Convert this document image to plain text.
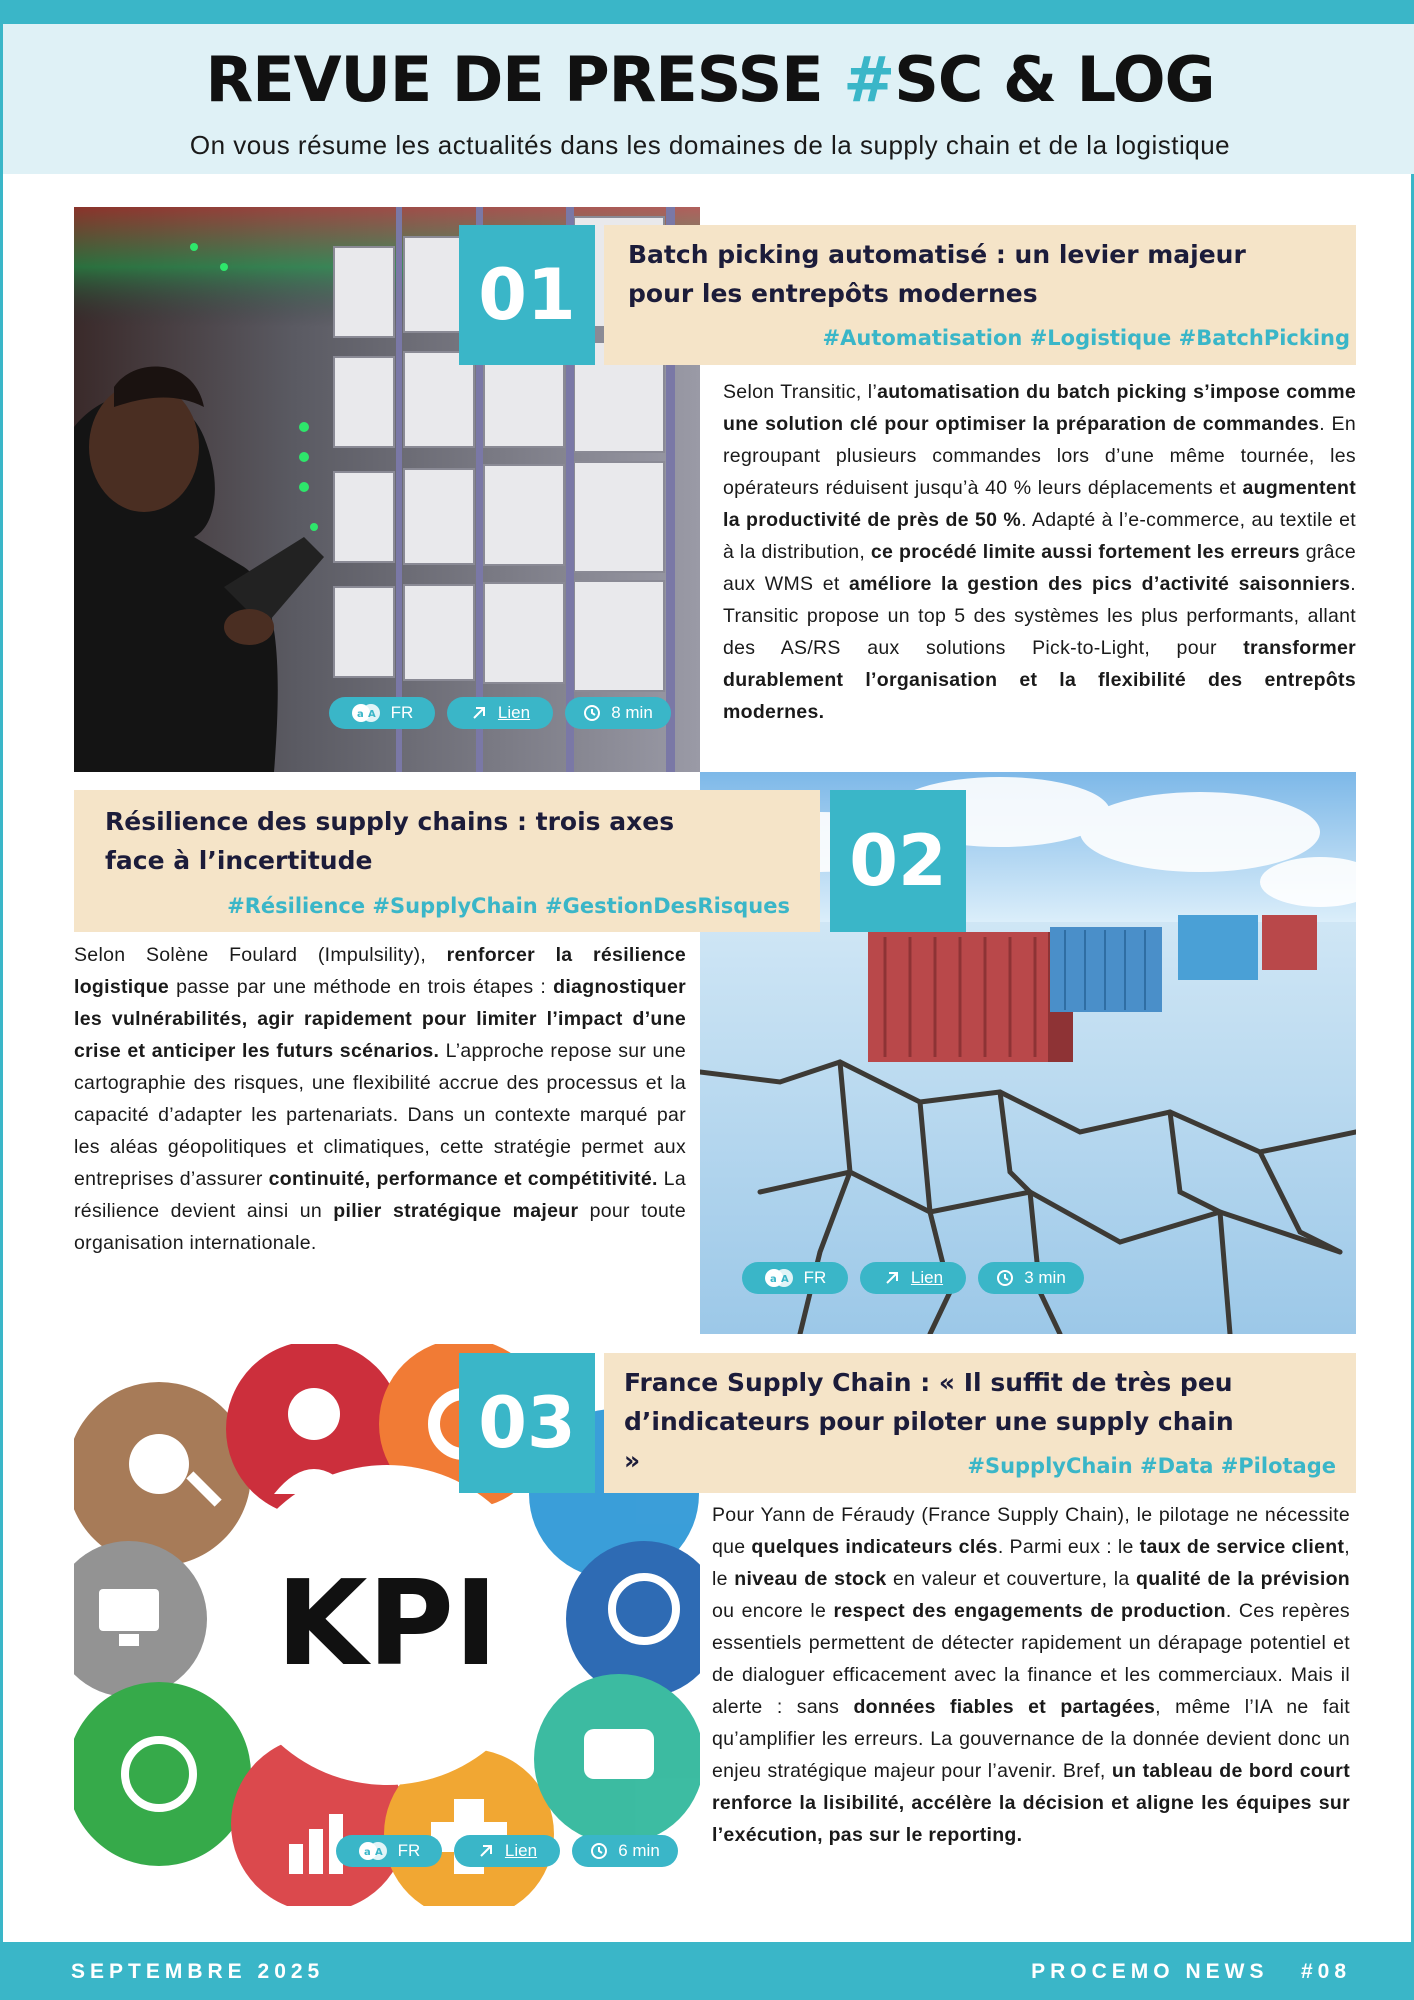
REVUE DE PRESSE #SC & LOG
On vous résume les actualités dans les domaines de la supply chain et de la logistique
01	Batch picking automatisé : un levier majeur pour les entrepôts modernes
#Automatisation #Logistique #BatchPicking
Selon Transitic, l’automatisation du batch picking s’impose comme une solution clé pour optimiser la préparation de commandes. En regroupant plusieurs commandes lors d’une même tournée, les opérateurs réduisent jusqu’à 40 % leurs déplacements et augmentent la productivité de près de 50 %. Adapté à l’e-commerce, au textile et à la distribution, ce procédé limite aussi fortement les erreurs grâce aux WMS et améliore la gestion des pics d’activité saisonniers. Transitic propose un top 5 des systèmes les plus performants, allant des AS/RS aux solutions Pick-to-Light, pour transformer durablement l’organisation et la flexibilité des entrepôts modernes.
a A FR	Lien	8 min
Résilience des supply chains : trois axes face à l’incertitude
#Résilience #SupplyChain #GestionDesRisques
02
Selon Solène Foulard (Impulsility), renforcer la résilience logistique passe par une méthode en trois étapes : diagnostiquer les vulnérabilités, agir rapidement pour limiter l’impact d’une crise et anticiper les futurs scénarios. L’approche repose sur une cartographie des risques, une flexibilité accrue des processus et la capacité d’adapter les partenariats. Dans un contexte marqué par les aléas géopolitiques et climatiques, cette stratégie permet aux entreprises d’assurer continuité, performance et compétitivité. La résilience devient ainsi un pilier stratégique majeur pour toute organisation internationale.
a A FR	Lien	3 min
KPI
03	France Supply Chain : « Il suffit de très peu d’indicateurs pour piloter une supply chain »	#SupplyChain #Data #Pilotage
Pour Yann de Féraudy (France Supply Chain), le pilotage ne nécessite que quelques indicateurs clés. Parmi eux : le taux de service client, le niveau de stock en valeur et couverture, la qualité de la prévision ou encore le respect des engagements de production. Ces repères essentiels permettent de détecter rapidement un dérapage potentiel et de dialoguer efficacement avec la finance et les commerciaux. Mais il alerte : sans données fiables et partagées, même l’IA ne fait qu’amplifier les erreurs. La gouvernance de la donnée devient donc un enjeu stratégique majeur pour l’avenir. Bref, un tableau de bord court renforce la lisibilité, accélère la décision et aligne les équipes sur l’exécution, pas sur le reporting.
a A FR	Lien	6 min
SEPTEMBRE 2025	PROCEMO NEWS   #08
